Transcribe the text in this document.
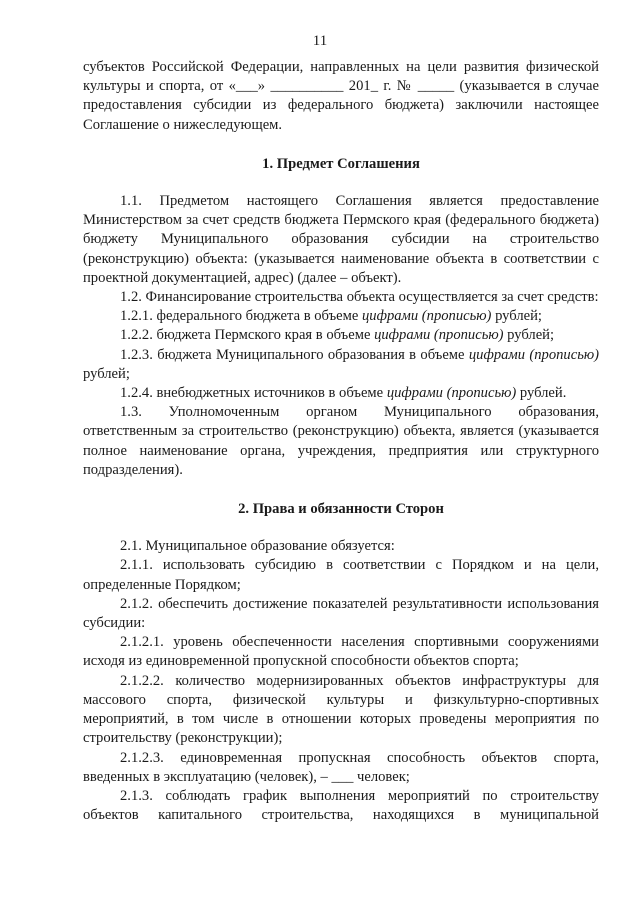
11

субъектов Российской Федерации, направленных на цели развития физической культуры и спорта, от «___» __________ 201_ г. № _____ (указывается в случае предоставления субсидии из федерального бюджета) заключили настоящее Соглашение о нижеследующем.

1. Предмет Соглашения

1.1. Предметом настоящего Соглашения является предоставление Министерством за счет средств бюджета Пермского края (федерального бюджета) бюджету Муниципального образования субсидии на строительство (реконструкцию) объекта: (указывается наименование объекта в соответствии с проектной документацией, адрес) (далее – объект).

1.2. Финансирование строительства объекта осуществляется за счет средств:

1.2.1. федерального бюджета в объеме цифрами (прописью) рублей;

1.2.2. бюджета Пермского края в объеме цифрами (прописью) рублей;

1.2.3. бюджета Муниципального образования в объеме цифрами (прописью) рублей;

1.2.4. внебюджетных источников в объеме цифрами (прописью) рублей.

1.3. Уполномоченным органом Муниципального образования, ответственным за строительство (реконструкцию) объекта, является (указывается полное наименование органа, учреждения, предприятия или структурного подразделения).

2. Права и обязанности Сторон

2.1. Муниципальное образование обязуется:

2.1.1. использовать субсидию в соответствии с Порядком и на цели, определенные Порядком;

2.1.2. обеспечить достижение показателей результативности использования субсидии:

2.1.2.1. уровень обеспеченности населения спортивными сооружениями исходя из единовременной пропускной способности объектов спорта;

2.1.2.2. количество модернизированных объектов инфраструктуры для массового спорта, физической культуры и физкультурно-спортивных мероприятий, в том числе в отношении которых проведены мероприятия по строительству (реконструкции);

2.1.2.3. единовременная пропускная способность объектов спорта, введенных в эксплуатацию (человек), – ___ человек;

2.1.3. соблюдать график выполнения мероприятий по строительству объектов капитального строительства, находящихся в муниципальной
